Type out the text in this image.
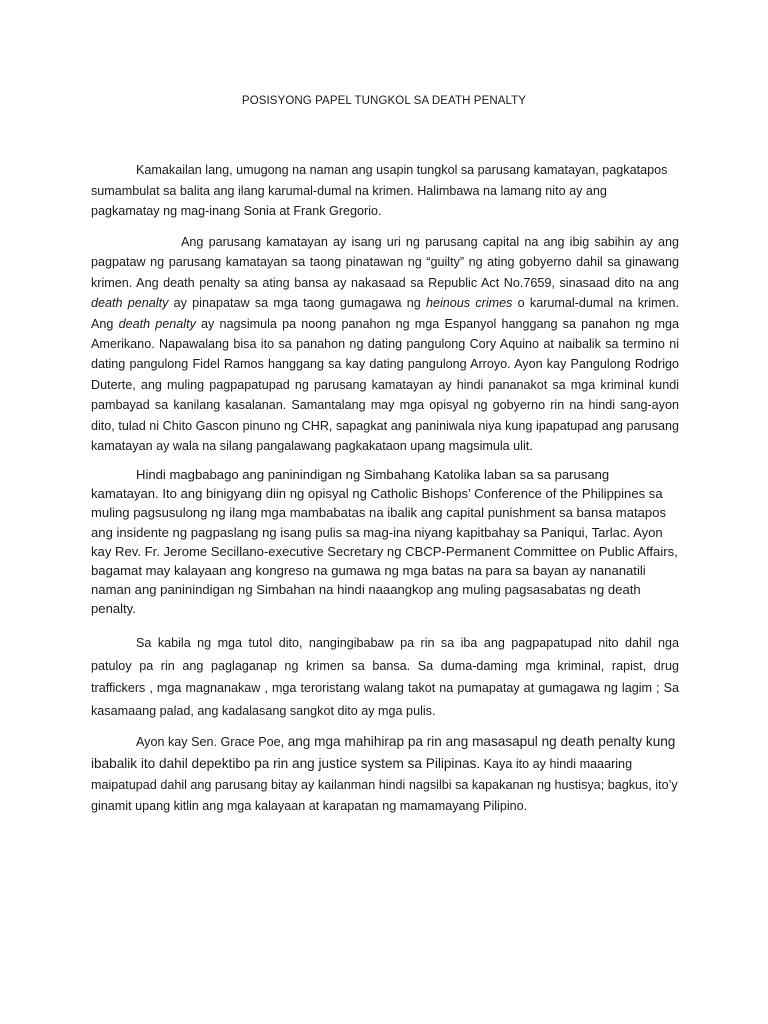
POSISYONG PAPEL TUNGKOL SA DEATH PENALTY

Kamakailan lang, umugong na naman ang usapin tungkol sa parusang kamatayan, pagkatapos sumambulat sa balita ang ilang karumal-dumal na krimen. Halimbawa na lamang nito ay ang pagkamatay ng mag-inang Sonia at Frank Gregorio.

Ang parusang kamatayan ay isang uri ng parusang capital na ang ibig sabihin ay ang pagpataw ng parusang kamatayan sa taong pinatawan ng “guilty” ng ating gobyerno dahil sa ginawang krimen. Ang death penalty sa ating bansa ay nakasaad sa Republic Act No.7659, sinasaad dito na ang death penalty ay pinapataw sa mga taong gumagawa ng heinous crimes o karumal-dumal na krimen. Ang death penalty ay nagsimula pa noong panahon ng mga Espanyol hanggang sa panahon ng mga Amerikano. Napawalang bisa ito sa panahon ng dating pangulong Cory Aquino at naibalik sa termino ni dating pangulong Fidel Ramos hanggang sa kay dating pangulong Arroyo. Ayon kay Pangulong Rodrigo Duterte, ang muling pagpapatupad ng parusang kamatayan ay hindi pananakot sa mga kriminal kundi pambayad sa kanilang kasalanan. Samantalang may mga opisyal ng gobyerno rin na hindi sang-ayon dito, tulad ni Chito Gascon pinuno ng CHR, sapagkat ang paniniwala niya kung ipapatupad ang parusang kamatayan ay wala na silang pangalawang pagkakataon upang magsimula ulit.

Hindi magbabago ang paninindigan ng Simbahang Katolika laban sa sa parusang kamatayan. Ito ang binigyang diin ng opisyal ng Catholic Bishops’ Conference of the Philippines sa muling pagsusulong ng ilang mga mambabatas na ibalik ang capital punishment sa bansa matapos ang insidente ng pagpaslang ng isang pulis sa mag-ina niyang kapitbahay sa Paniqui, Tarlac. Ayon kay Rev. Fr. Jerome Secillano-executive Secretary ng CBCP-Permanent Committee on Public Affairs, bagamat may kalayaan ang kongreso na gumawa ng mga batas na para sa bayan ay nananatili naman ang paninindigan ng Simbahan na hindi naaangkop ang muling pagsasabatas ng death penalty.

Sa kabila ng mga tutol dito, nangingibabaw pa rin sa iba ang pagpapatupad nito dahil nga patuloy pa rin ang paglaganap ng krimen sa bansa. Sa duma-daming mga kriminal, rapist, drug traffickers , mga magnanakaw , mga teroristang walang takot na pumapatay at gumagawa ng lagim ; Sa kasamaang palad, ang kadalasang sangkot dito ay mga pulis.

Ayon kay Sen. Grace Poe, ang mga mahihirap pa rin ang masasapul ng death penalty kung ibabalik ito dahil depektibo pa rin ang justice system sa Pilipinas. Kaya ito ay hindi maaaring maipatupad dahil ang parusang bitay ay kailanman hindi nagsilbi sa kapakanan ng hustisya; bagkus, ito’y ginamit upang kitlin ang mga kalayaan at karapatan ng mamamayang Pilipino.
